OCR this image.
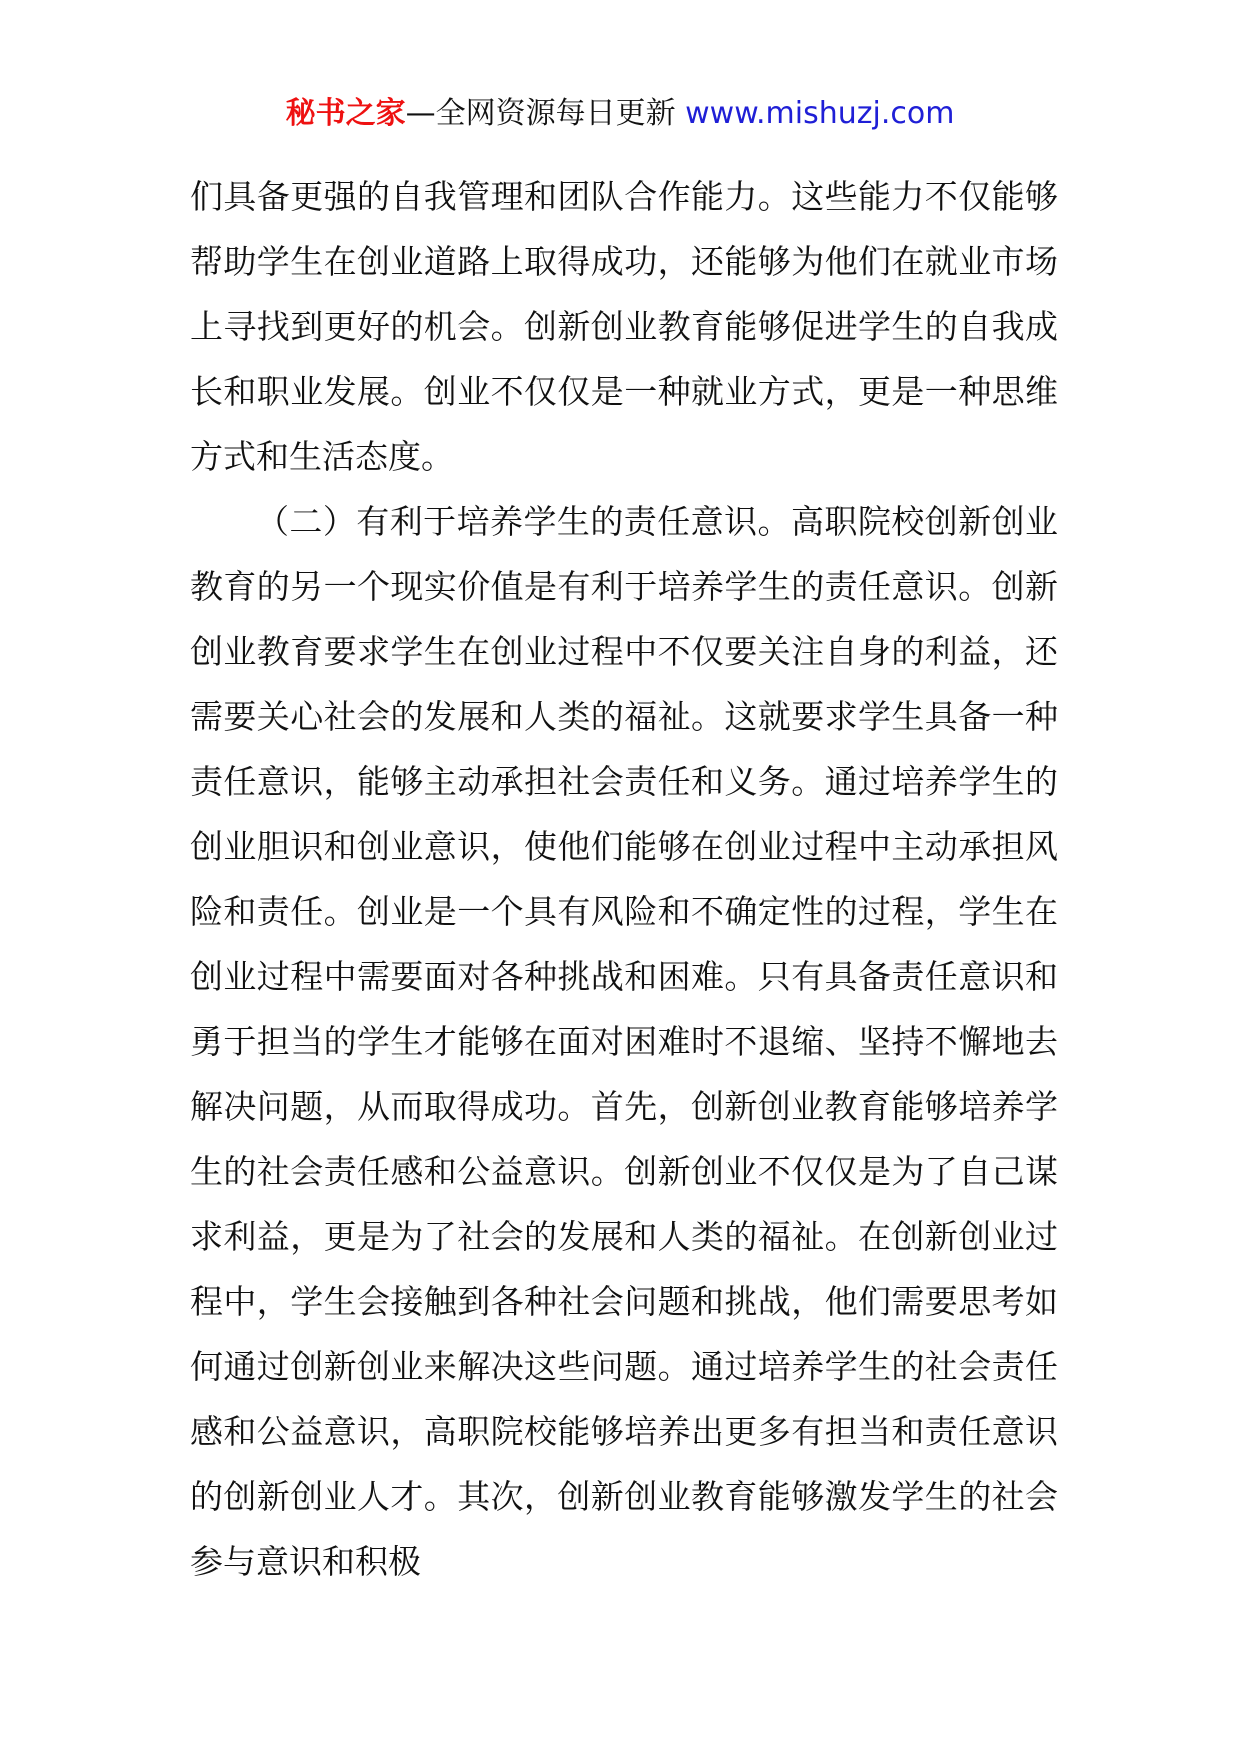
秘书之家—全网资源每日更新 www.mishuzj.com

们具备更强的自我管理和团队合作能力。这些能力不仅能够帮助学生在创业道路上取得成功，还能够为他们在就业市场上寻找到更好的机会。创新创业教育能够促进学生的自我成长和职业发展。创业不仅仅是一种就业方式，更是一种思维方式和生活态度。

（二）有利于培养学生的责任意识。高职院校创新创业教育的另一个现实价值是有利于培养学生的责任意识。创新创业教育要求学生在创业过程中不仅要关注自身的利益，还需要关心社会的发展和人类的福祉。这就要求学生具备一种责任意识，能够主动承担社会责任和义务。通过培养学生的创业胆识和创业意识，使他们能够在创业过程中主动承担风险和责任。创业是一个具有风险和不确定性的过程，学生在创业过程中需要面对各种挑战和困难。只有具备责任意识和勇于担当的学生才能够在面对困难时不退缩、坚持不懈地去解决问题，从而取得成功。首先，创新创业教育能够培养学生的社会责任感和公益意识。创新创业不仅仅是为了自己谋求利益，更是为了社会的发展和人类的福祉。在创新创业过程中，学生会接触到各种社会问题和挑战，他们需要思考如何通过创新创业来解决这些问题。通过培养学生的社会责任感和公益意识，高职院校能够培养出更多有担当和责任意识的创新创业人才。其次，创新创业教育能够激发学生的社会参与意识和积极
